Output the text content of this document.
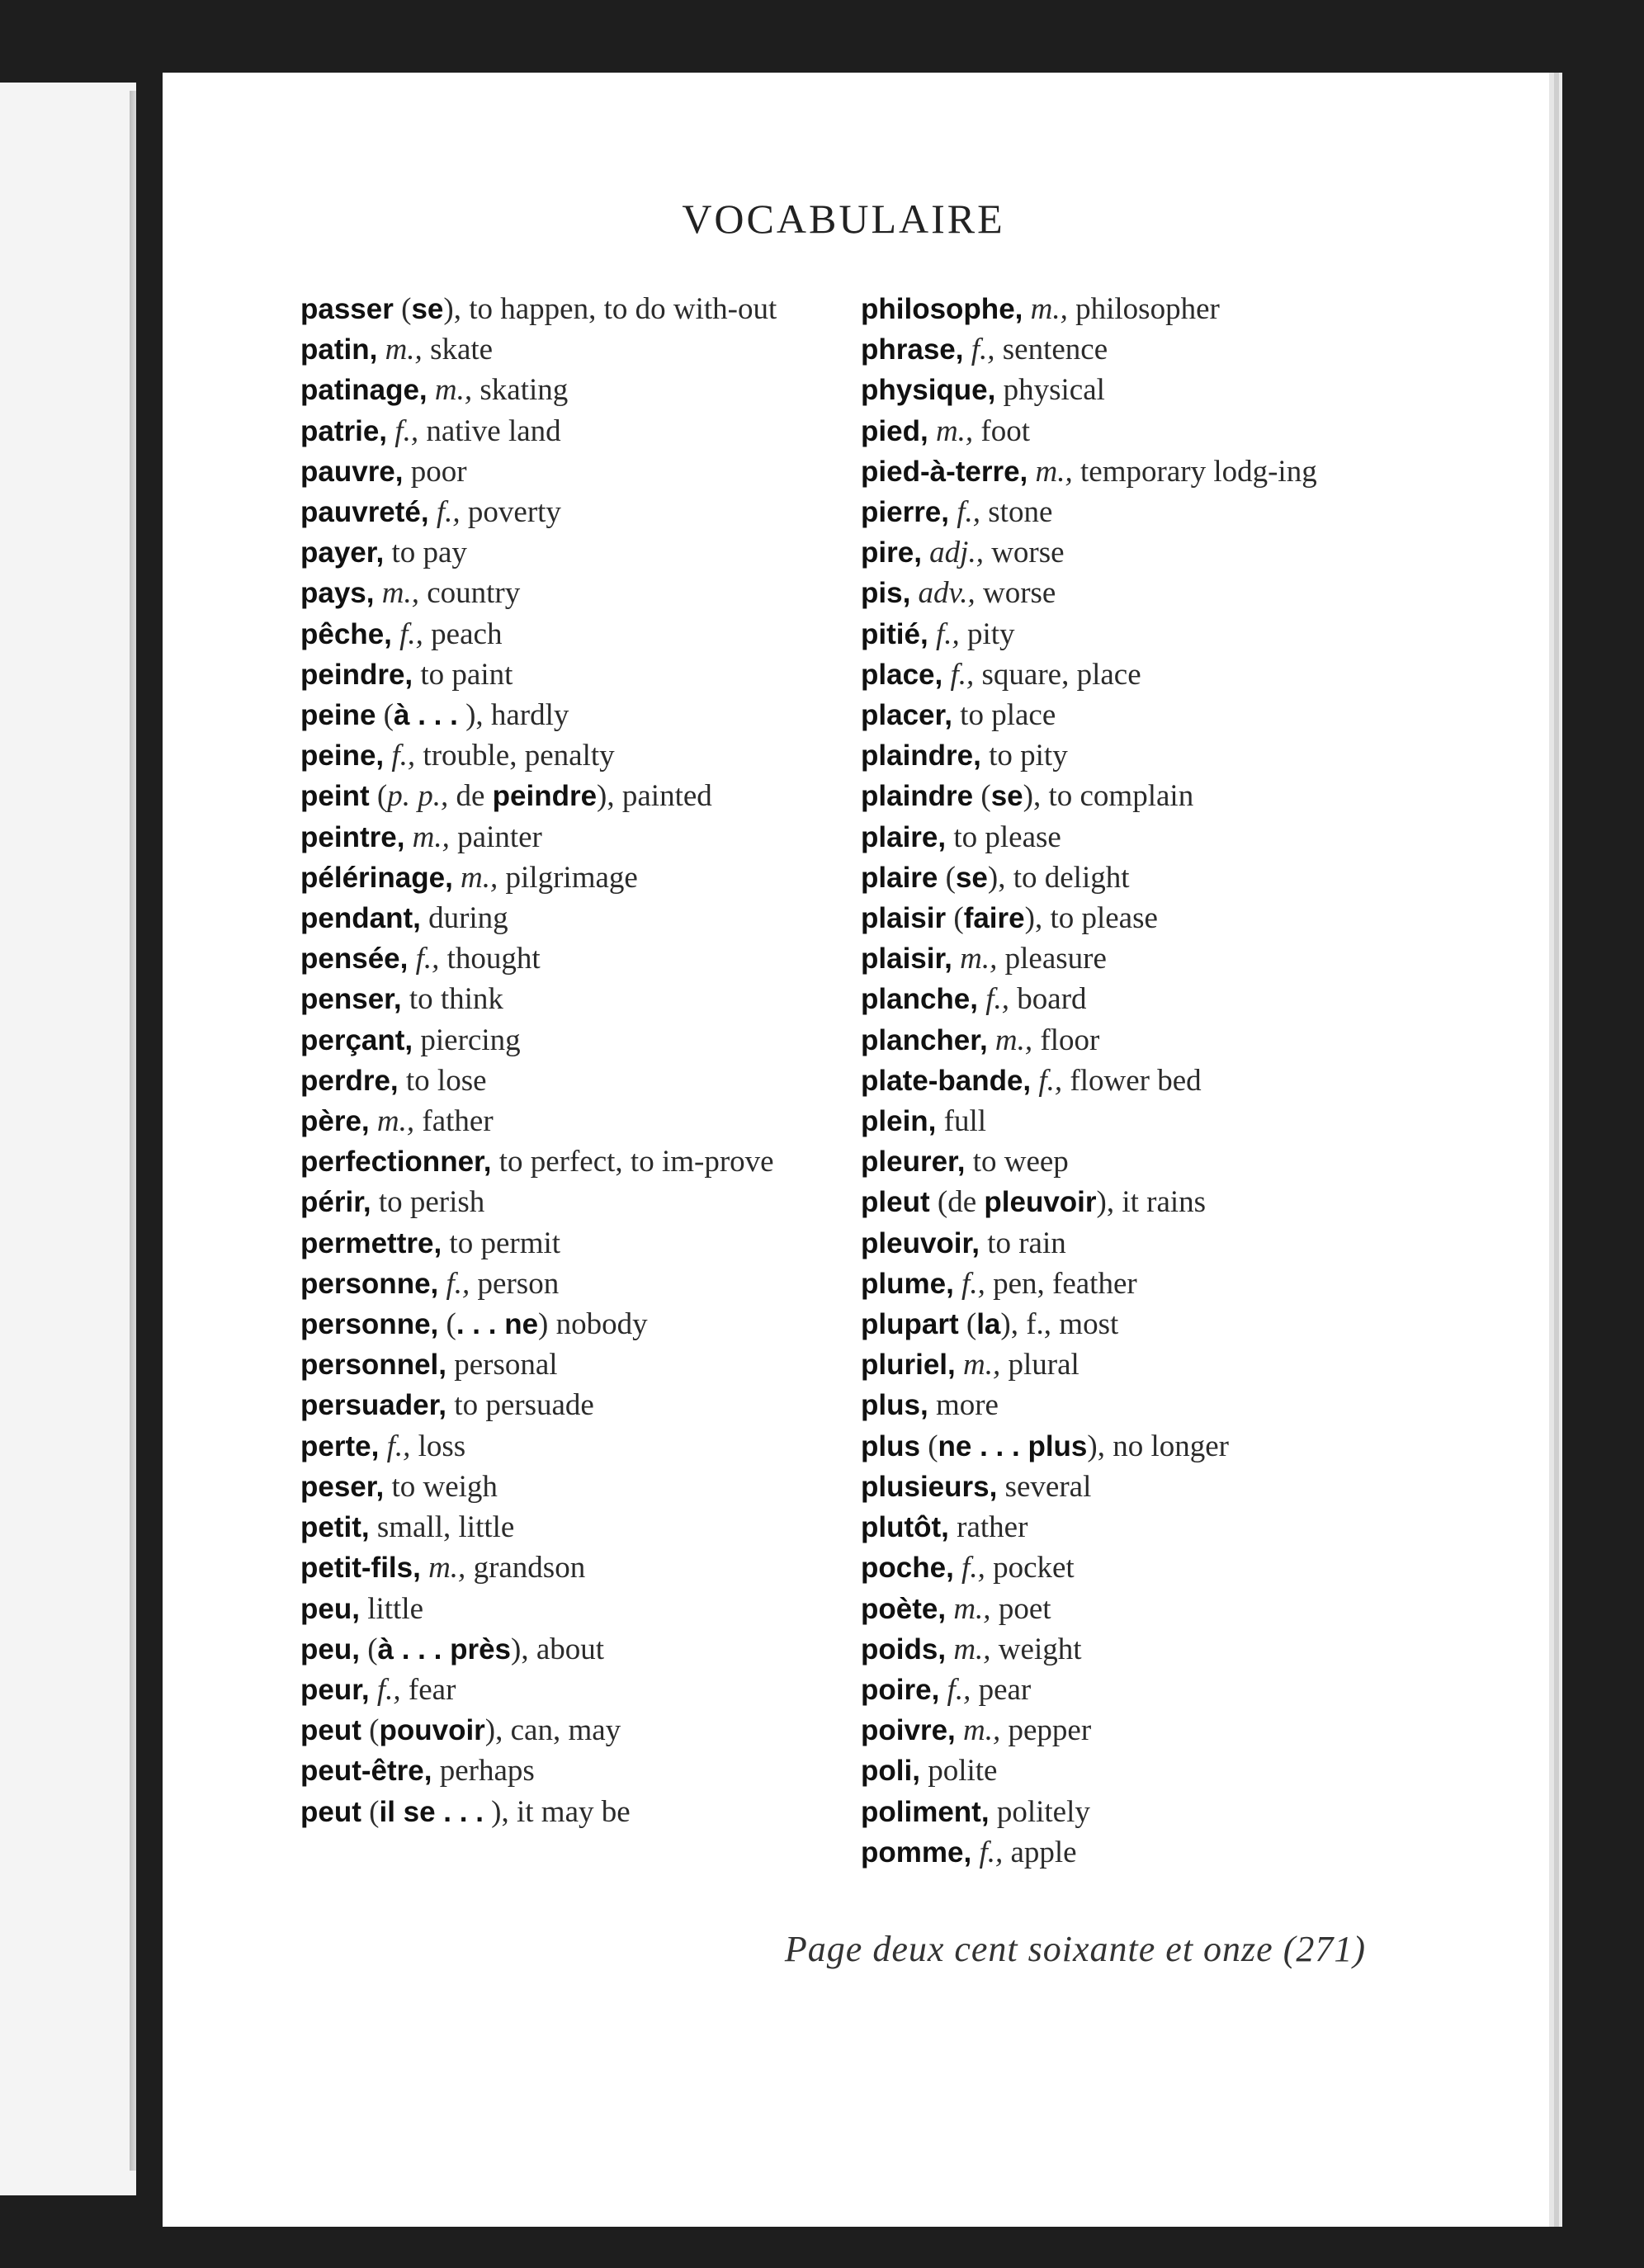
VOCABULAIRE
passer (se), to happen, to do with-out
patin, m., skate
patinage, m., skating
patrie, f., native land
pauvre, poor
pauvreté, f., poverty
payer, to pay
pays, m., country
pêche, f., peach
peindre, to paint
peine (à . . . ), hardly
peine, f., trouble, penalty
peint (p. p., de peindre), painted
peintre, m., painter
pélérinage, m., pilgrimage
pendant, during
pensée, f., thought
penser, to think
perçant, piercing
perdre, to lose
père, m., father
perfectionner, to perfect, to im-prove
périr, to perish
permettre, to permit
personne, f., person
personne, (. . . ne) nobody
personnel, personal
persuader, to persuade
perte, f., loss
peser, to weigh
petit, small, little
petit-fils, m., grandson
peu, little
peu, (à . . . près), about
peur, f., fear
peut (pouvoir), can, may
peut-être, perhaps
peut (il se . . . ), it may be
philosophe, m., philosopher
phrase, f., sentence
physique, physical
pied, m., foot
pied-à-terre, m., temporary lodg-ing
pierre, f., stone
pire, adj., worse
pis, adv., worse
pitié, f., pity
place, f., square, place
placer, to place
plaindre, to pity
plaindre (se), to complain
plaire, to please
plaire (se), to delight
plaisir (faire), to please
plaisir, m., pleasure
planche, f., board
plancher, m., floor
plate-bande, f., flower bed
plein, full
pleurer, to weep
pleut (de pleuvoir), it rains
pleuvoir, to rain
plume, f., pen, feather
plupart (la), f., most
pluriel, m., plural
plus, more
plus (ne . . . plus), no longer
plusieurs, several
plutôt, rather
poche, f., pocket
poète, m., poet
poids, m., weight
poire, f., pear
poivre, m., pepper
poli, polite
poliment, politely
pomme, f., apple
Page deux cent soixante et onze (271)
